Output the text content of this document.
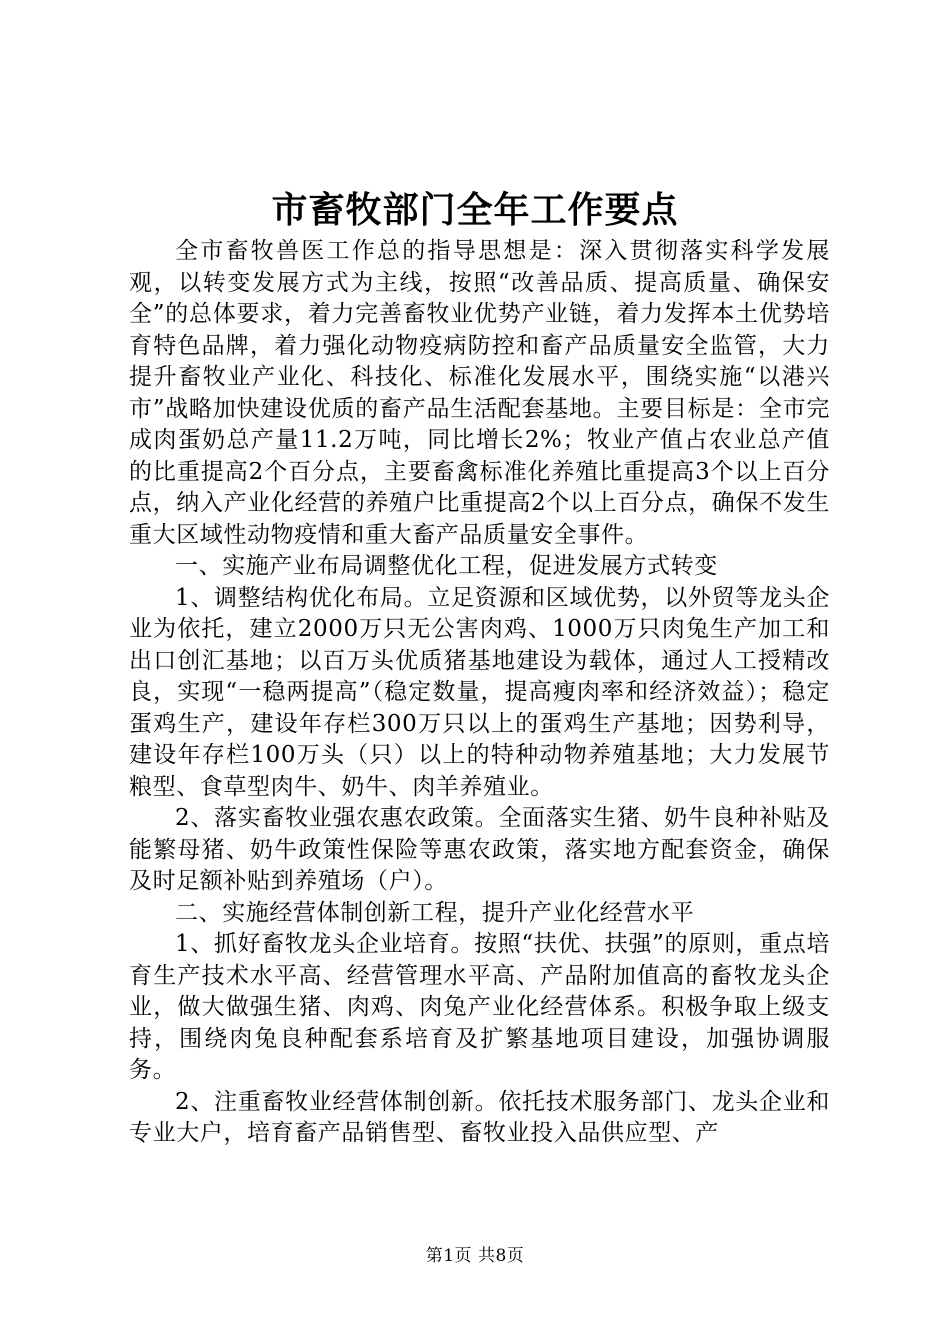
市畜牧部门全年工作要点

全市畜牧兽医工作总的指导思想是：深入贯彻落实科学发展观，以转变发展方式为主线，按照“改善品质、提高质量、确保安全”的总体要求，着力完善畜牧业优势产业链，着力发挥本土优势培育特色品牌，着力强化动物疫病防控和畜产品质量安全监管，大力提升畜牧业产业化、科技化、标准化发展水平，围绕实施“以港兴市”战略加快建设优质的畜产品生活配套基地。主要目标是：全市完成肉蛋奶总产量11.2万吨，同比增长2%；牧业产值占农业总产值的比重提高2个百分点，主要畜禽标准化养殖比重提高3个以上百分点，纳入产业化经营的养殖户比重提高2个以上百分点，确保不发生重大区域性动物疫情和重大畜产品质量安全事件。

一、实施产业布局调整优化工程，促进发展方式转变

1、调整结构优化布局。立足资源和区域优势，以外贸等龙头企业为依托，建立2000万只无公害肉鸡、1000万只肉兔生产加工和出口创汇基地；以百万头优质猪基地建设为载体，通过人工授精改良，实现“一稳两提高”（稳定数量，提高瘦肉率和经济效益）；稳定蛋鸡生产，建设年存栏300万只以上的蛋鸡生产基地；因势利导，建设年存栏100万头（只）以上的特种动物养殖基地；大力发展节粮型、食草型肉牛、奶牛、肉羊养殖业。

2、落实畜牧业强农惠农政策。全面落实生猪、奶牛良种补贴及能繁母猪、奶牛政策性保险等惠农政策，落实地方配套资金，确保及时足额补贴到养殖场（户）。

二、实施经营体制创新工程，提升产业化经营水平

1、抓好畜牧龙头企业培育。按照“扶优、扶强”的原则，重点培育生产技术水平高、经营管理水平高、产品附加值高的畜牧龙头企业，做大做强生猪、肉鸡、肉兔产业化经营体系。积极争取上级支持，围绕肉兔良种配套系培育及扩繁基地项目建设，加强协调服务。

2、注重畜牧业经营体制创新。依托技术服务部门、龙头企业和专业大户，培育畜产品销售型、畜牧业投入品供应型、产

第1页 共8页
